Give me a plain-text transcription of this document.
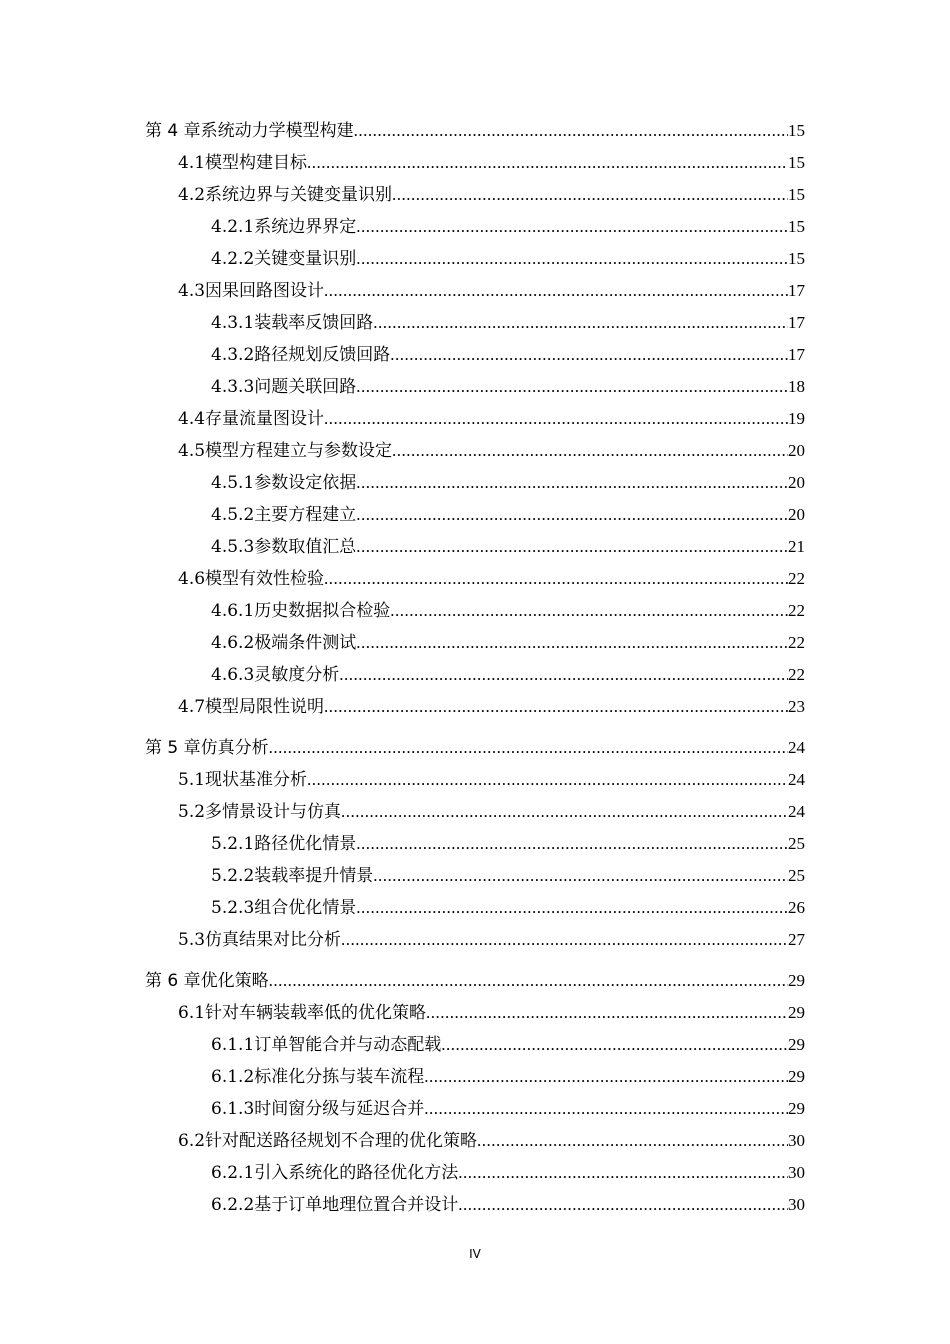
第 4 章 系统动力学模型构建 .....	15
4.1 模型构建目标 .....	15
4.2 系统边界与关键变量识别 .....	15
4.2.1 系统边界界定 .....	15
4.2.2 关键变量识别 .....	15
4.3 因果回路图设计 .....	17
4.3.1 装载率反馈回路 .....	17
4.3.2 路径规划反馈回路 .....	17
4.3.3 问题关联回路 .....	18
4.4 存量流量图设计 .....	19
4.5 模型方程建立与参数设定 .....	20
4.5.1 参数设定依据 .....	20
4.5.2 主要方程建立 .....	20
4.5.3 参数取值汇总 .....	21
4.6 模型有效性检验 .....	22
4.6.1 历史数据拟合检验 .....	22
4.6.2 极端条件测试 .....	22
4.6.3 灵敏度分析 .....	22
4.7 模型局限性说明 .....	23
第 5 章 仿真分析 .....	24
5.1 现状基准分析 .....	24
5.2 多情景设计与仿真 .....	24
5.2.1 路径优化情景 .....	25
5.2.2 装载率提升情景 .....	25
5.2.3 组合优化情景 .....	26
5.3 仿真结果对比分析 .....	27
第 6 章 优化策略 .....	29
6.1 针对车辆装载率低的优化策略 .....	29
6.1.1 订单智能合并与动态配载 .....	29
6.1.2 标准化分拣与装车流程 .....	29
6.1.3 时间窗分级与延迟合并 .....	29
6.2 针对配送路径规划不合理的优化策略 .....	30
6.2.1 引入系统化的路径优化方法 .....	30
6.2.2 基于订单地理位置合并设计 .....	30
IV
